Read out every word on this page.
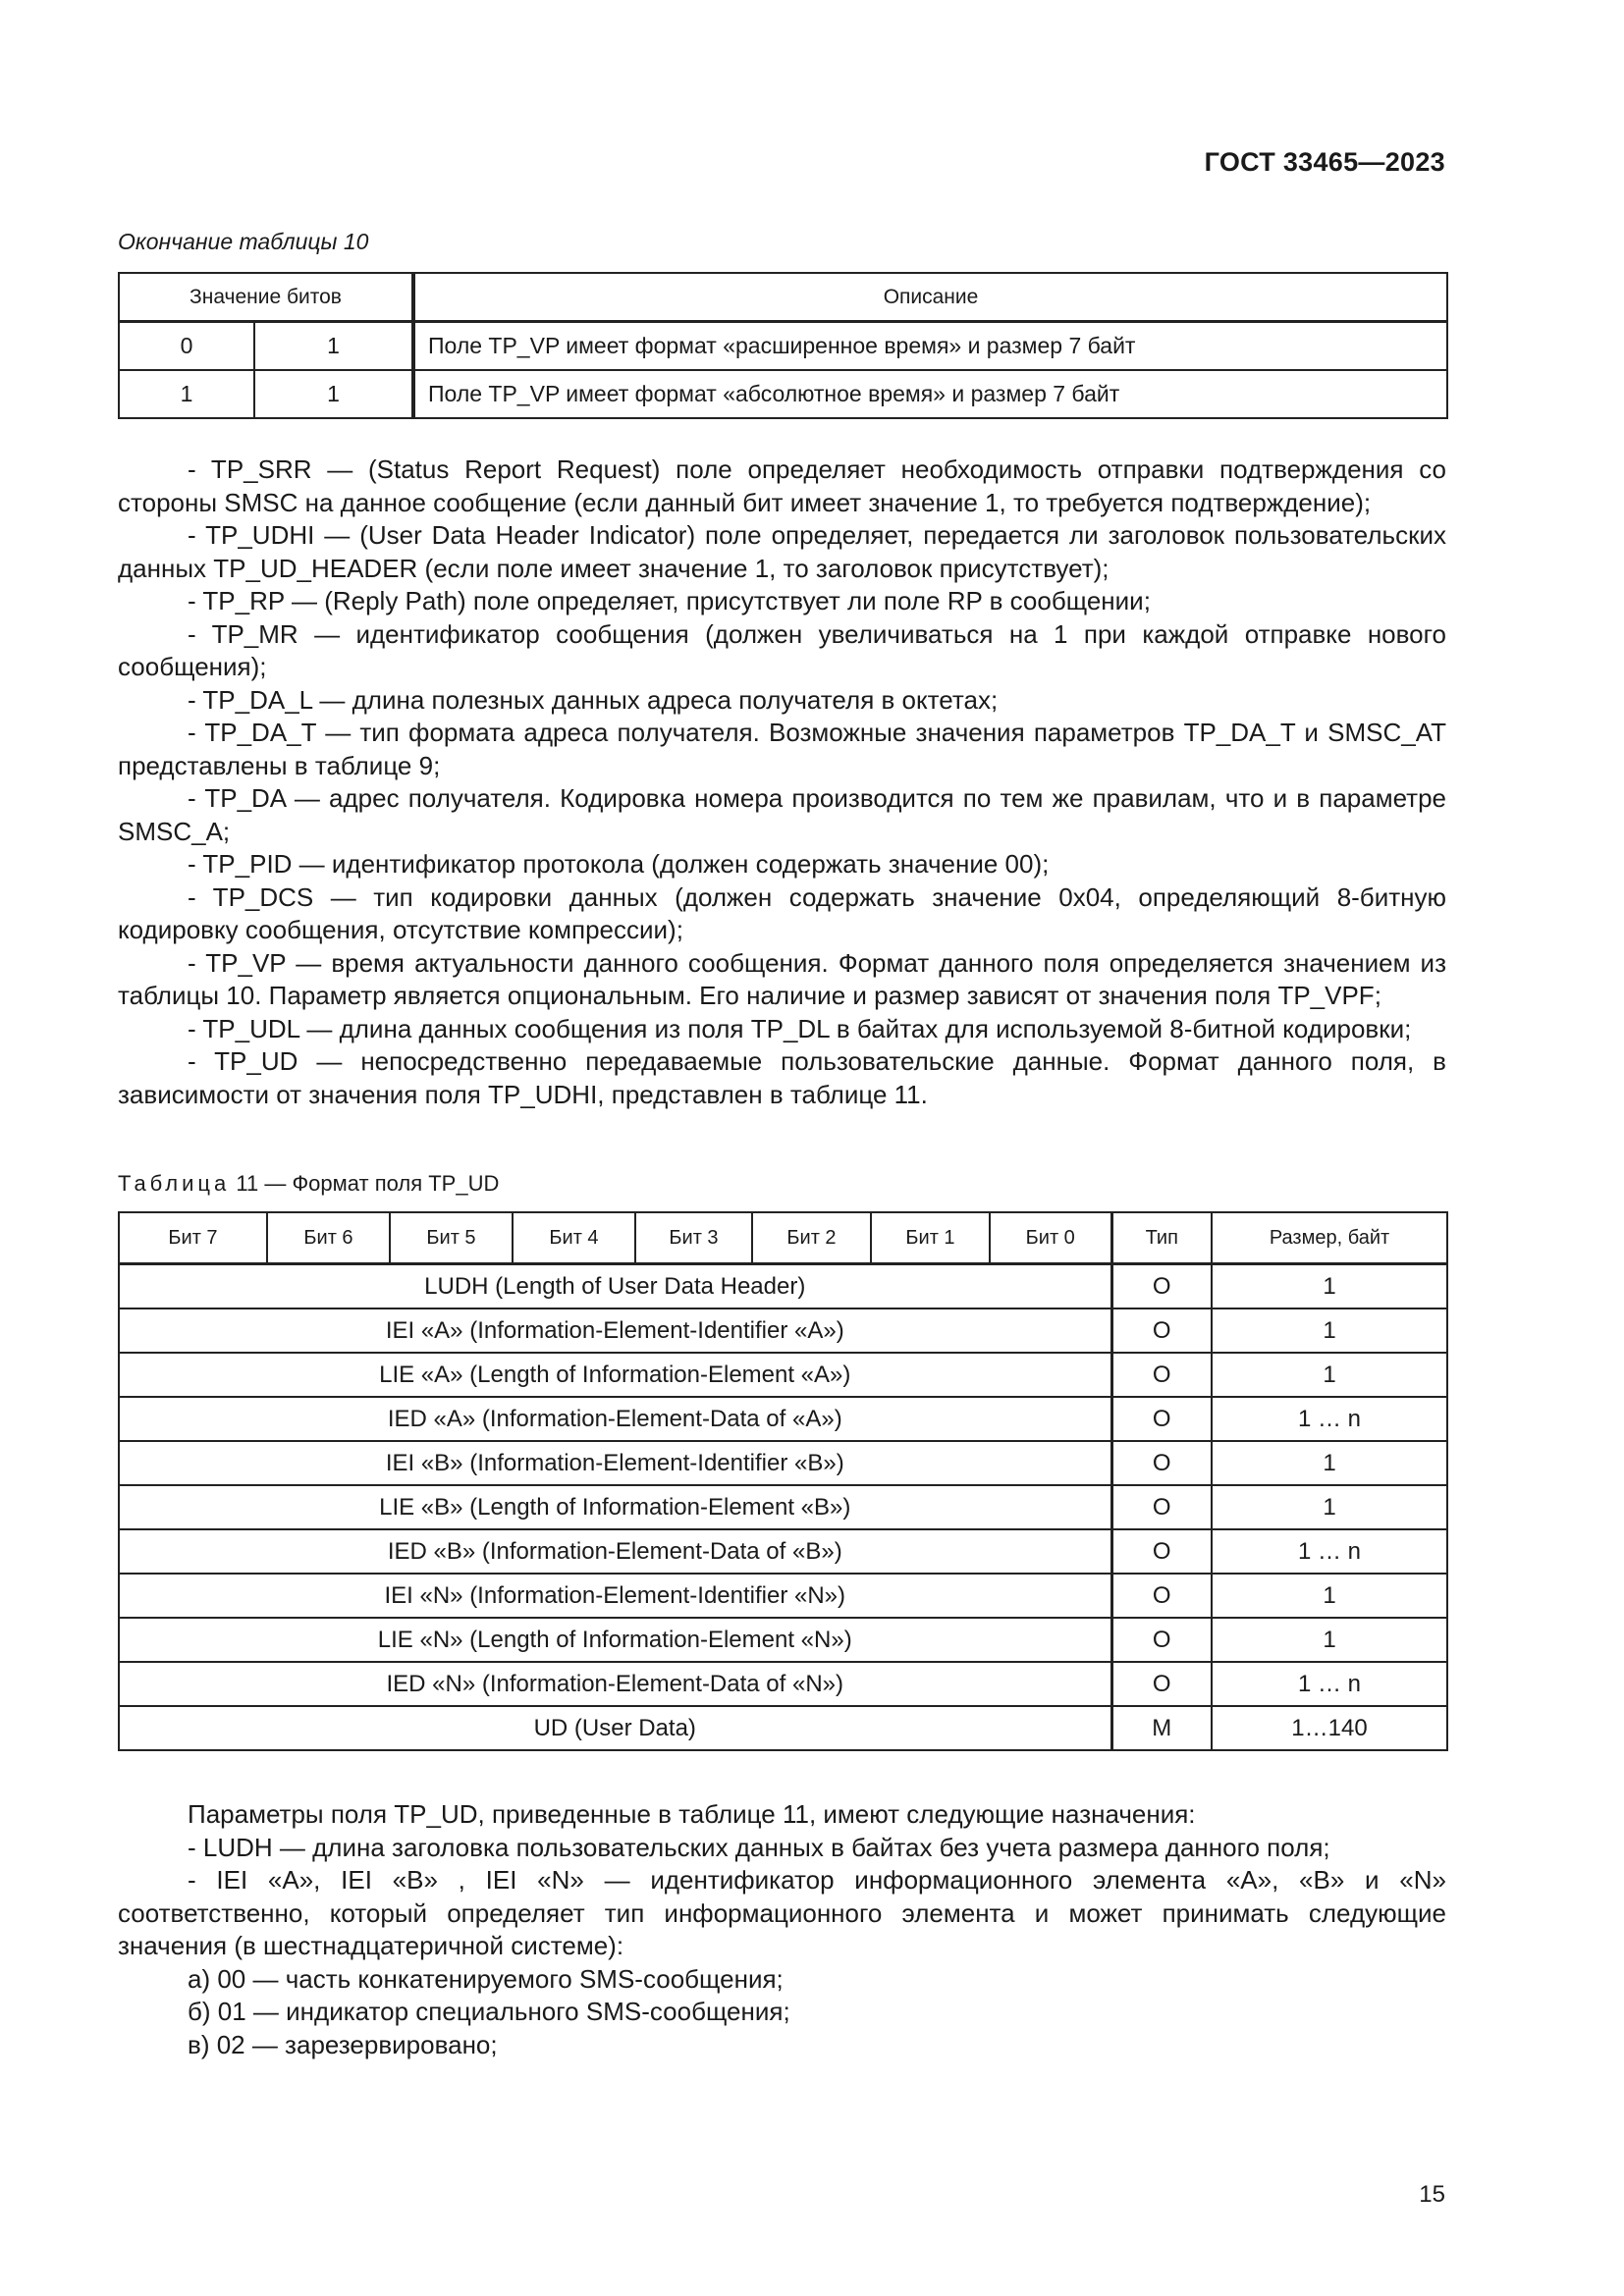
ГОСТ 33465—2023
Окончание таблицы 10
Значение битов		Описание
0	1	Поле TP_VP имеет формат «расширенное время» и размер 7 байт
1	1	Поле TP_VP имеет формат «абсолютное время» и размер 7 байт

- TP_SRR — (Status Report Request) поле определяет необходимость отправки подтверждения со стороны SMSC на данное сообщение (если данный бит имеет значение 1, то требуется подтверждение);

- TP_UDHI — (User Data Header Indicator) поле определяет, передается ли заголовок пользовательских данных TP_UD_HEADER (если поле имеет значение 1, то заголовок присутствует);

- TP_RP — (Reply Path) поле определяет, присутствует ли поле RP в сообщении;

- TP_MR — идентификатор сообщения (должен увеличиваться на 1 при каждой отправке нового сообщения);

- TP_DA_L — длина полезных данных адреса получателя в октетах;

- TP_DA_T — тип формата адреса получателя. Возможные значения параметров TP_DA_T и SMSC_AT представлены в таблице 9;

- TP_DA — адрес получателя. Кодировка номера производится по тем же правилам, что и в параметре SMSC_A;

- TP_PID — идентификатор протокола (должен содержать значение 00);

- TP_DCS — тип кодировки данных (должен содержать значение 0x04, определяющий 8-битную кодировку сообщения, отсутствие компрессии);

- TP_VP — время актуальности данного сообщения. Формат данного поля определяется значением из таблицы 10. Параметр является опциональным. Его наличие и размер зависят от значения поля TP_VPF;

- TP_UDL — длина данных сообщения из поля TP_DL в байтах для используемой 8-битной кодировки;

- TP_UD — непосредственно передаваемые пользовательские данные. Формат данного поля, в зависимости от значения поля TP_UDHI, представлен в таблице 11.

Таблица 11 — Формат поля TP_UD
Бит 7	Бит 6	Бит 5	Бит 4	Бит 3	Бит 2	Бит 1	Бит 0	Тип	Размер, байт
LUDH (Length of User Data Header)								O	1
IEI «A» (Information-Element-Identifier «A»)								O	1
LIE «A» (Length of Information-Element «A»)								O	1
IED «A» (Information-Element-Data of «A»)								O	1 … n
IEI «B» (Information-Element-Identifier «B»)								O	1
LIE «B» (Length of Information-Element «B»)								O	1
IED «B» (Information-Element-Data of «B»)								O	1 … n
IEI «N» (Information-Element-Identifier «N»)								O	1
LIE «N» (Length of Information-Element «N»)								O	1
IED «N» (Information-Element-Data of «N»)								O	1 … n
UD (User Data)								M	1…140

Параметры поля TP_UD, приведенные в таблице 11, имеют следующие назначения:

- LUDH — длина заголовка пользовательских данных в байтах без учета размера данного поля;

- IEI «A», IEI «B» , IEI «N» — идентификатор информационного элемента «A», «B» и «N» соответственно, который определяет тип информационного элемента и может принимать следующие значения (в шестнадцатеричной системе):

а) 00 — часть конкатенируемого SMS-сообщения;

б) 01 — индикатор специального SMS-сообщения;

в) 02 — зарезервировано;

15
